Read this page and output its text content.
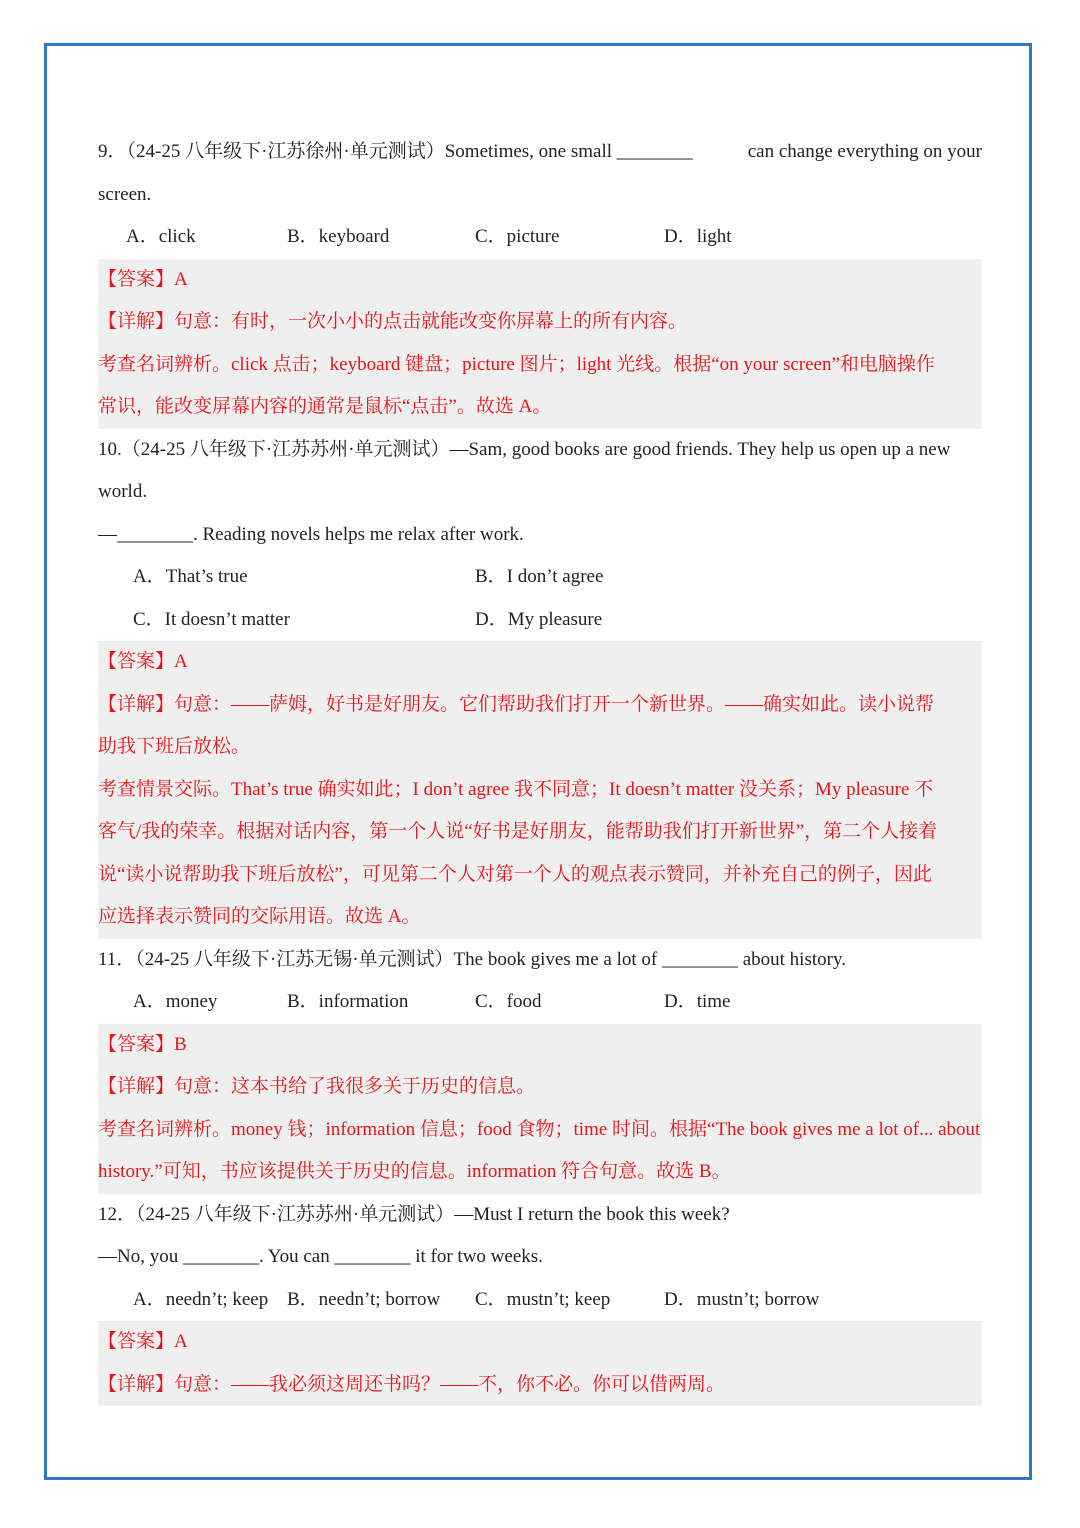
9．（24-25 八年级下·江苏徐州·单元测试）Sometimes, one small ________	can change everything on your
screen.
A．click	B．keyboard	C．picture	D．light
【答案】A
【详解】句意：有时，一次小小的点击就能改变你屏幕上的所有内容。
考查名词辨析。click 点击；keyboard 键盘；picture 图片；light 光线。根据“on your screen”和电脑操作
常识，能改变屏幕内容的通常是鼠标“点击”。故选 A。
10.（24-25 八年级下·江苏苏州·单元测试）—Sam, good books are good friends. They help us open up a new
world.
—________. Reading novels helps me relax after work.
A．That’s true	B．I don’t agree
C．It doesn’t matter	D．My pleasure
【答案】A
【详解】句意：——萨姆，好书是好朋友。它们帮助我们打开一个新世界。——确实如此。读小说帮
助我下班后放松。
考查情景交际。That’s true 确实如此；I don’t agree 我不同意；It doesn’t matter 没关系；My pleasure 不
客气/我的荣幸。根据对话内容，第一个人说“好书是好朋友，能帮助我们打开新世界”，第二个人接着
说“读小说帮助我下班后放松”，可见第二个人对第一个人的观点表示赞同，并补充自己的例子，因此
应选择表示赞同的交际用语。故选 A。
11．（24-25 八年级下·江苏无锡·单元测试）The book gives me a lot of ________ about history.
A．money	B．information	C．food	D．time
【答案】B
【详解】句意：这本书给了我很多关于历史的信息。
考查名词辨析。money 钱；information 信息；food 食物；time 时间。根据“The book gives me a lot of... about
history.”可知，书应该提供关于历史的信息。information 符合句意。故选 B。
12．（24-25 八年级下·江苏苏州·单元测试）—Must I return the book this week?
—No, you ________. You can ________ it for two weeks.
A．needn’t; keep B．needn’t; borrow	C．mustn’t; keep	D．mustn’t; borrow
【答案】A
【详解】句意：——我必须这周还书吗？——不，你不必。你可以借两周。
